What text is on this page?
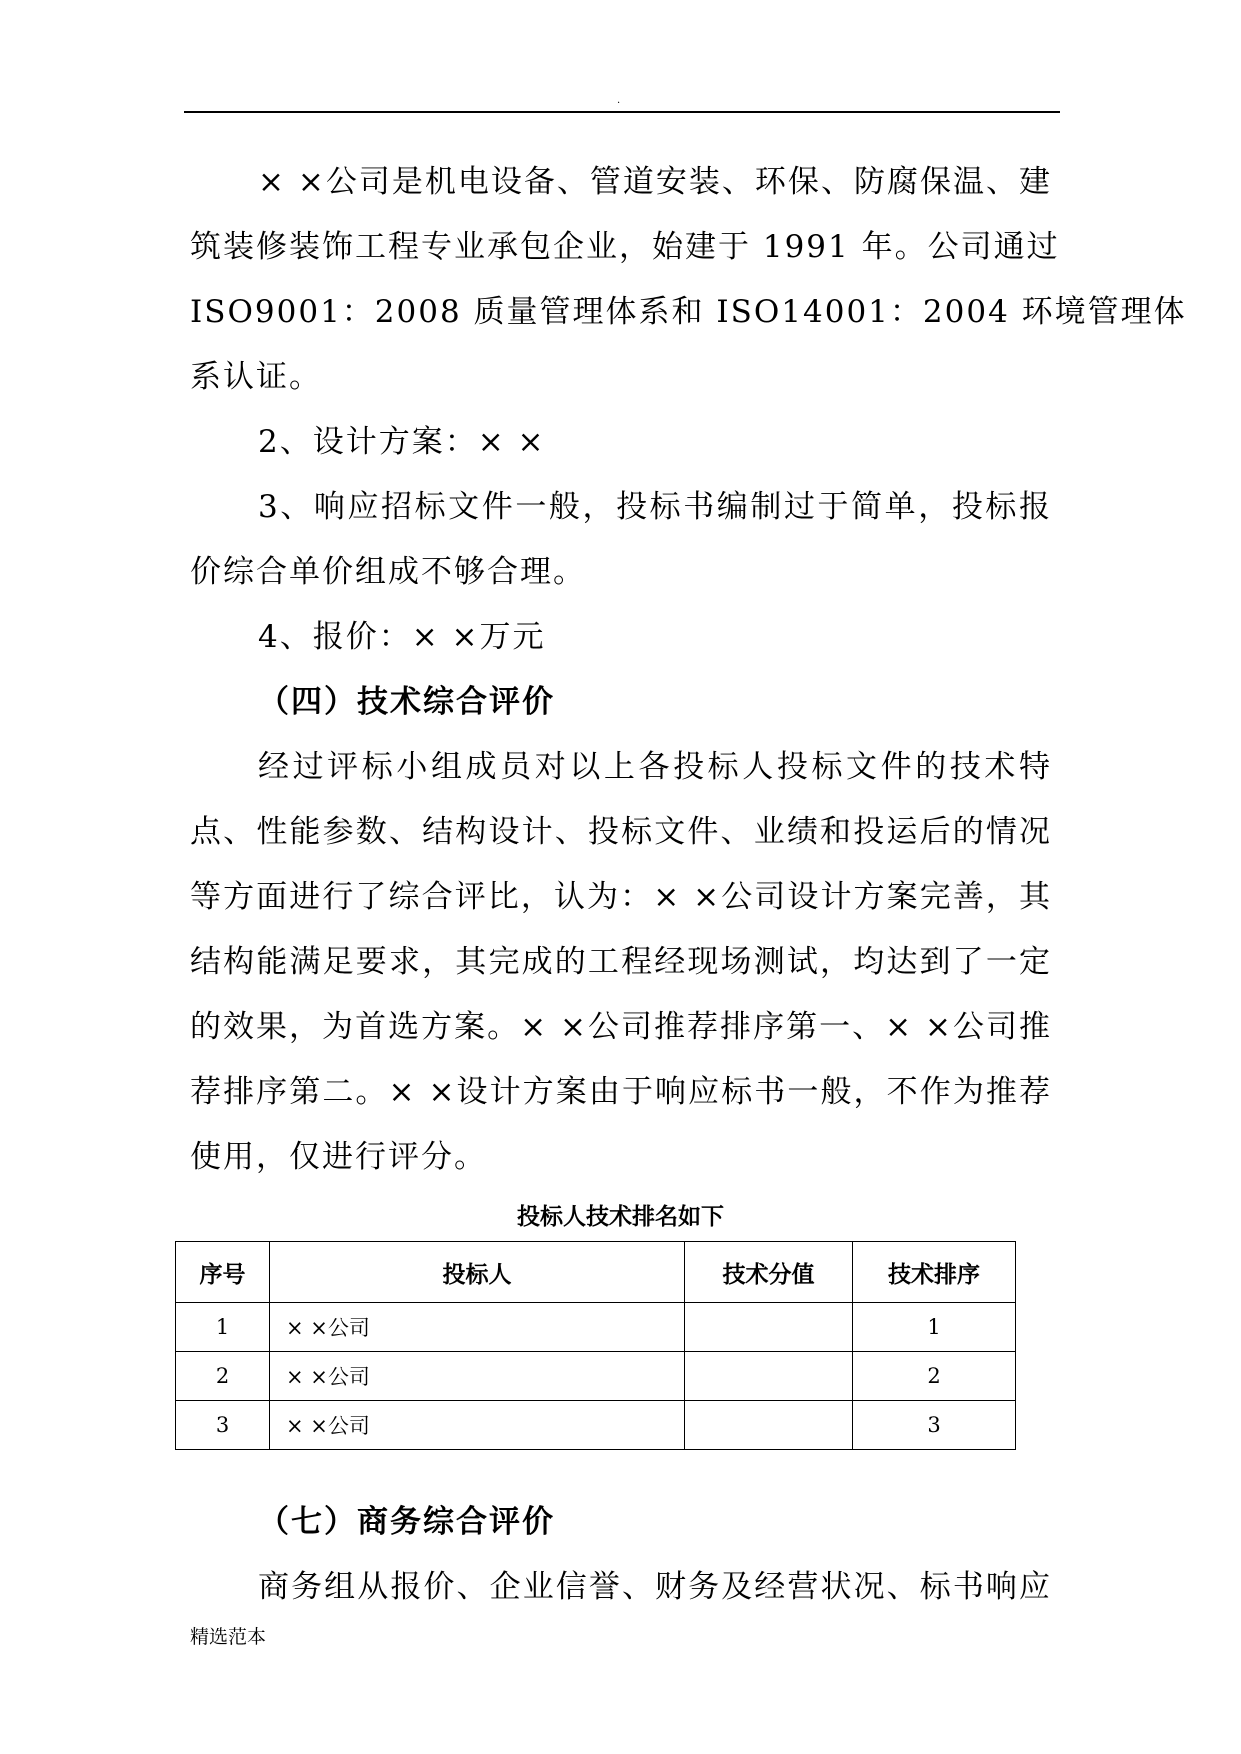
.
× ×公司是机电设备、管道安装、环保、防腐保温、建
筑装修装饰工程专业承包企业，始建于 1991 年。公司通过
ISO9001：2008 质量管理体系和 ISO14001：2004 环境管理体
系认证。
2、设计方案：× ×
3、响应招标文件一般，投标书编制过于简单，投标报
价综合单价组成不够合理。
4、报价：× ×万元
（四）技术综合评价
经过评标小组成员对以上各投标人投标文件的技术特
点、性能参数、结构设计、投标文件、业绩和投运后的情况
等方面进行了综合评比，认为：× ×公司设计方案完善，其
结构能满足要求，其完成的工程经现场测试，均达到了一定
的效果，为首选方案。× ×公司推荐排序第一、× ×公司推
荐排序第二。× ×设计方案由于响应标书一般，不作为推荐
使用，仅进行评分。
投标人技术排名如下
序号	投标人	技术分值	技术排序
1	× ×公司		1
2	× ×公司		2
3	× ×公司		3
（七）商务综合评价
商务组从报价、企业信誉、财务及经营状况、标书响应
精选范本
